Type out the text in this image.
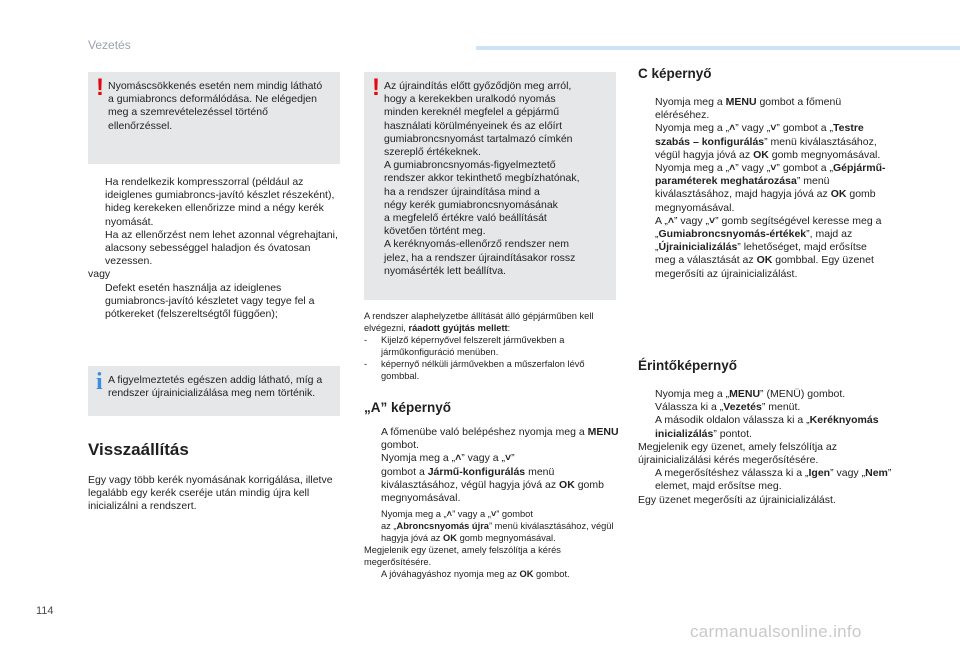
Vezetés
! Nyomáscsökkenés esetén nem mindig látható a gumiabroncs deformálódása. Ne elégedjen meg a szemrevételezéssel történő ellenőrzéssel.
Ha rendelkezik kompresszorral (például az ideiglenes gumiabroncs-javító készlet részeként), hideg kerekeken ellenőrizze mind a négy kerék nyomását.
Ha az ellenőrzést nem lehet azonnal végrehajtani, alacsony sebességgel haladjon és óvatosan vezessen.
vagy
Defekt esetén használja az ideiglenes gumiabroncs-javító készletet vagy tegye fel a pótkereket (felszereltségtől függően);
i A figyelmeztetés egészen addig látható, míg a rendszer újrainicializálása meg nem történik.
Visszaállítás
Egy vagy több kerék nyomásának korrigálása, illetve legalább egy kerék cseréje után mindig újra kell inicializálni a rendszert.
! Az újraindítás előtt győződjön meg arról,
hogy a kerekekben uralkodó nyomás
minden kereknél megfelel a gépjármű
használati körülményeinek és az előírt
gumiabroncsnyomást tartalmazó címkén
szereplő értékeknek.
A gumiabroncsnyomás-figyelmeztető
rendszer akkor tekinthető megbízhatónak,
ha a rendszer újraindítása mind a
négy kerék gumiabroncsnyomásának
a megfelelő értékre való beállítását
követően történt meg.
A keréknyomás-ellenőrző rendszer nem
jelez, ha a rendszer újraindításakor rossz
nyomásérték lett beállítva.
A rendszer alaphelyzetbe állítását álló gépjárműben kell elvégezni, ráadott gyújtás mellett:
- Kijelző képernyővel felszerelt járművekben a járműkonfiguráció menüben.
- képernyő nélküli járművekben a műszerfalon lévő gombbal.
„A” képernyő
A főmenübe való belépéshez nyomja meg a MENU gombot.
Nyomja meg a „˄” vagy a „˅”
gombot a Jármű-konfigurálás menü kiválasztásához, végül hagyja jóvá az OK gomb megnyomásával.
Nyomja meg a „˄” vagy a „˅” gombot
az „Abroncsnyomás újra” menü kiválasztásához, végül hagyja jóvá az OK gomb megnyomásával.
Megjelenik egy üzenet, amely felszólítja a kérés megerősítésére.
A jóváhagyáshoz nyomja meg az OK gombot.
C képernyő
Nyomja meg a MENU gombot a főmenü eléréséhez.
Nyomja meg a „˄” vagy „˅” gombot a „Testre szabás – konfigurálás” menü kiválasztásához, végül hagyja jóvá az OK gomb megnyomásával.
Nyomja meg a „˄” vagy „˅” gombot a „Gépjármű-paraméterek meghatározása” menü kiválasztásához, majd hagyja jóvá az OK gomb megnyomásával.
A „˄” vagy „˅” gomb segítségével keresse meg a „Gumiabroncsnyomás-értékek”, majd az „Újrainicializálás” lehetőséget, majd erősítse meg a választását az OK gombbal. Egy üzenet megerősíti az újrainicializálást.
Érintőképernyő
Nyomja meg a „MENU” (MENÜ) gombot.
Válassza ki a „Vezetés” menüt.
A második oldalon válassza ki a „Keréknyomás inicializálás” pontot.
Megjelenik egy üzenet, amely felszólítja az újrainicializálási kérés megerősítésére.
A megerősítéshez válassza ki a „Igen” vagy „Nem” elemet, majd erősítse meg.
Egy üzenet megerősíti az újrainicializálást.
114
carmanualsonline.info
